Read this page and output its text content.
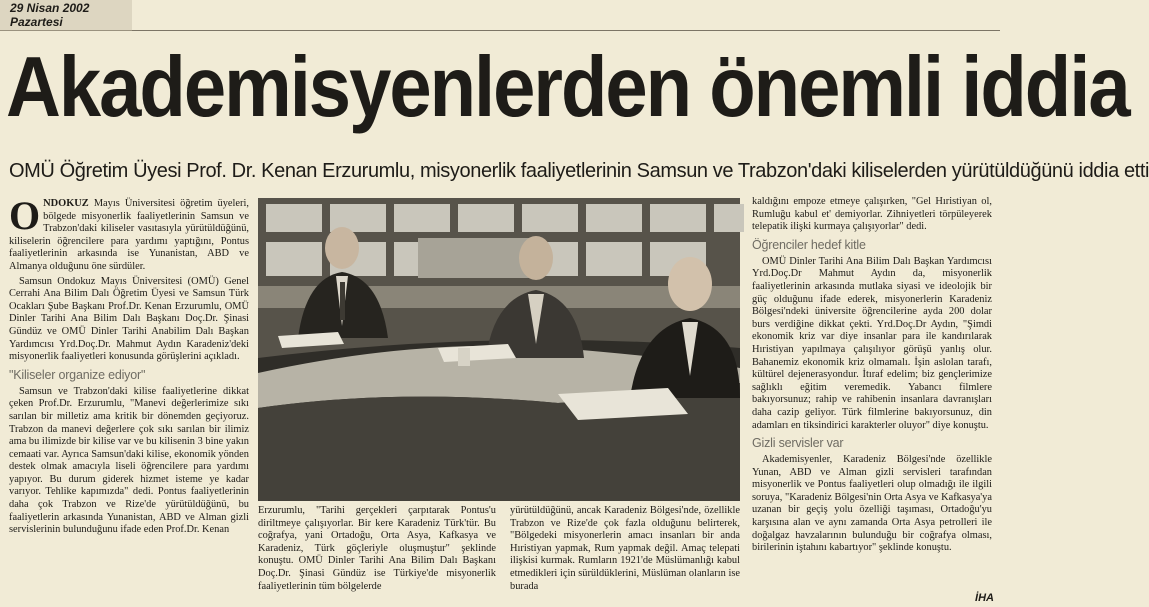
29 Nisan 2002
Pazartesi
Akademisyenlerden önemli iddia
OMÜ Öğretim Üyesi Prof. Dr. Kenan Erzurumlu, misyonerlik faaliyetlerinin Samsun ve Trabzon'daki kiliselerden yürütüldüğünü iddia etti

ONDOKUZ Mayıs Üniversitesi öğretim üyeleri, bölgede misyonerlik faaliyetlerinin Samsun ve Trabzon'daki kiliseler vasıtasıyla yürütüldüğünü, kiliselerin öğrencilere para yardımı yaptığını, Pontus faaliyetlerinin arkasında ise Yunanistan, ABD ve Almanya olduğunu öne sürdüler.

Samsun Ondokuz Mayıs Üniversitesi (OMÜ) Genel Cerrahi Ana Bilim Dalı Öğretim Üyesi ve Samsun Türk Ocakları Şube Başkanı Prof.Dr. Kenan Erzurumlu, OMÜ Dinler Tarihi Ana Bilim Dalı Başkanı Doç.Dr. Şinasi Gündüz ve OMÜ Dinler Tarihi Anabilim Dalı Başkan Yardımcısı Yrd.Doç.Dr. Mahmut Aydın Karadeniz'deki misyonerlik faaliyetleri konusunda görüşlerini açıkladı.

"Kiliseler organize ediyor"

Samsun ve Trabzon'daki kilise faaliyetlerine dikkat çeken Prof.Dr. Erzurumlu, "Manevi değerlerimize sıkı sarılan bir milletiz ama kritik bir dönemden geçiyoruz. Trabzon da manevi değerlere çok sıkı sarılan bir ilimiz ama bu ilimizde bir kilise var ve bu kilisenin 3 bine yakın cemaati var. Ayrıca Samsun'daki kilise, ekonomik yönden destek olmak amacıyla liseli öğrencilere para yardımı yapıyor. Bu durum giderek hizmet isteme ye kadar varıyor. Tehlike kapımızda" dedi. Pontus faaliyetlerinin daha çok Trabzon ve Rize'de yürütüldüğünü, bu faaliyetlerin arkasında Yunanistan, ABD ve Alman gizli servislerinin bulunduğunu ifade eden Prof.Dr. Kenan

Erzurumlu, "Tarihi gerçekleri çarpıtarak Pontus'u diriltmeye çalışıyorlar. Bir kere Karadeniz Türk'tür. Bu coğrafya, yani Ortadoğu, Orta Asya, Kafkasya ve Karadeniz, Türk göçleriyle oluşmuştur" şeklinde konuştu. OMÜ Dinler Tarihi Ana Bilim Dalı Başkanı Doç.Dr. Şinasi Gündüz ise Türkiye'de misyonerlik faaliyetlerinin tüm bölgelerde

yürütüldüğünü, ancak Karadeniz Bölgesi'nde, özellikle Trabzon ve Rize'de çok fazla olduğunu belirterek, "Bölgedeki misyonerlerin amacı insanları bir anda Hıristiyan yapmak, Rum yapmak değil. Amaç telepati ilişkisi kurmak. Rumların 1921'de Müslümanlığı kabul etmedikleri için sürüldüklerini, Müslüman olanların ise burada

kaldığını empoze etmeye çalışırken, "Gel Hıristiyan ol, Rumluğu kabul et' demiyorlar. Zihniyetleri törpüleyerek telepatik ilişki kurmaya çalışıyorlar" dedi.

Öğrenciler hedef kitle

OMÜ Dinler Tarihi Ana Bilim Dalı Başkan Yardımcısı Yrd.Doç.Dr Mahmut Aydın da, misyonerlik faaliyetlerinin arkasında mutlaka siyasi ve ideolojik bir güç olduğunu ifade ederek, misyonerlerin Karadeniz Bölgesi'ndeki üniversite öğrencilerine ayda 200 dolar burs verdiğine dikkat çekti. Yrd.Doç.Dr Aydın, "Şimdi ekonomik kriz var diye insanlar para ile kandırılarak Hıristiyan yapılmaya çalışılıyor görüşü yanlış olur. Bahanemiz ekonomik kriz olmamalı. İşin aslolan tarafı, kültürel dejenerasyondur. İtıraf edelim; biz gençlerimize sağlıklı eğitim veremedik. Yabancı filmlere bakıyorsunuz; rahip ve rahibenin insanlara davranışları daha cazip geliyor. Türk filmlerine bakıyorsunuz, din adamları en tiksindirici karakterler oluyor" diye konuştu.

Gizli servisler var

Akademisyenler, Karadeniz Bölgesi'nde özellikle Yunan, ABD ve Alman gizli servisleri tarafından misyonerlik ve Pontus faaliyetleri olup olmadığı ile ilgili soruya, "Karadeniz Bölgesi'nin Orta Asya ve Kafkasya'ya uzanan bir geçiş yolu özelliği taşıması, Ortadoğu'yu karşısına alan ve aynı zamanda Orta Asya petrolleri ile doğalgaz havzalarının bulunduğu bir coğrafya olması, birilerinin iştahını kabartıyor" şeklinde konuştu.

İHA
